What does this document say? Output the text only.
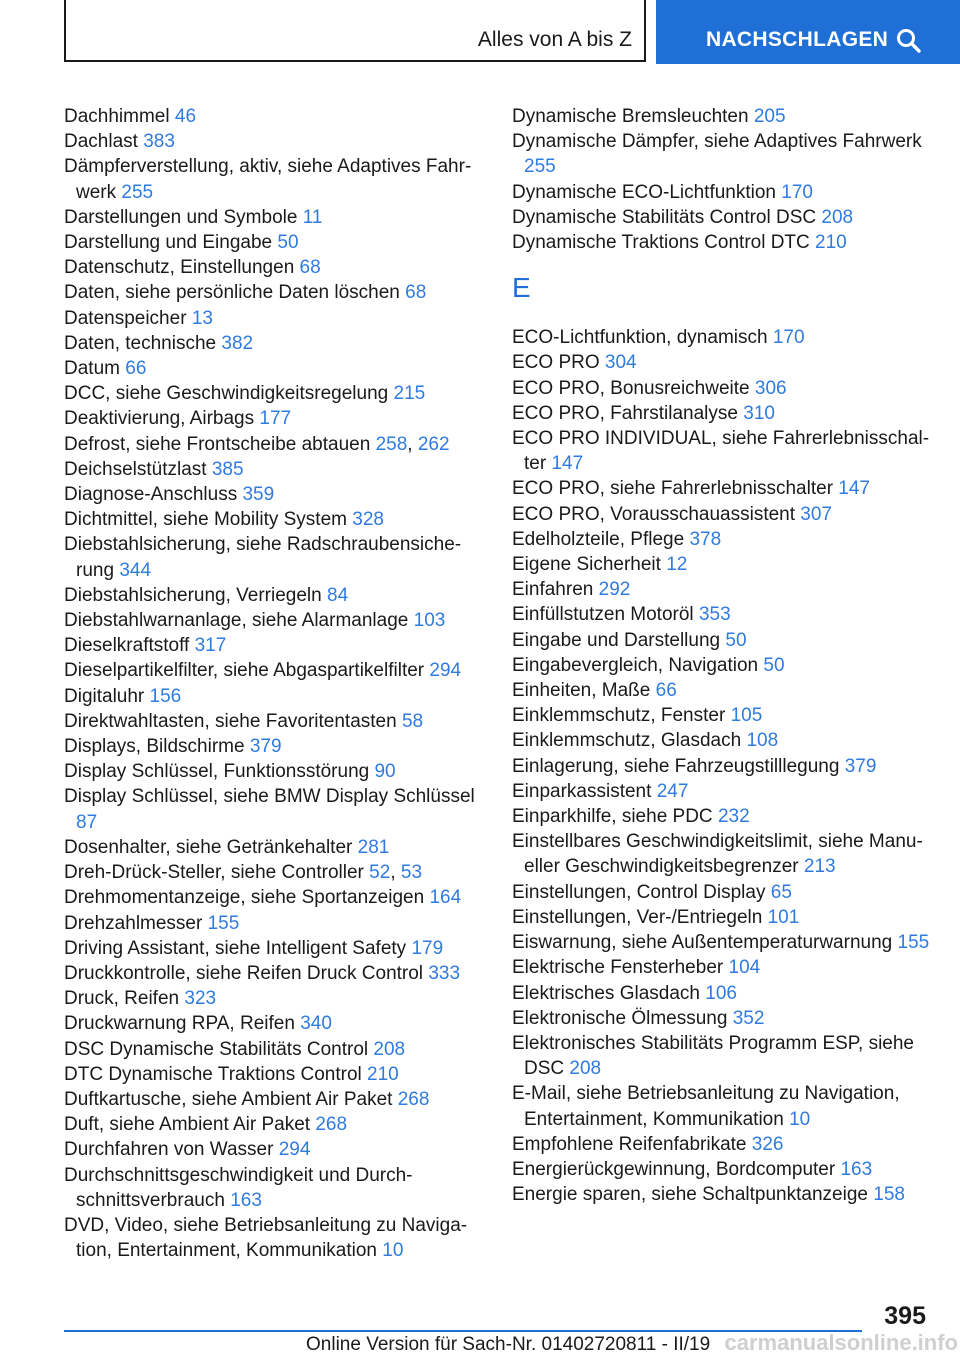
Alles von A bis Z	NACHSCHLAGEN
Dachhimmel 46
Dachlast 383
Dämpferverstellung, aktiv, siehe Adaptives Fahrwerk 255
Darstellungen und Symbole 11
Darstellung und Eingabe 50
Datenschutz, Einstellungen 68
Daten, siehe persönliche Daten löschen 68
Datenspeicher 13
Daten, technische 382
Datum 66
DCC, siehe Geschwindigkeitsregelung 215
Deaktivierung, Airbags 177
Defrost, siehe Frontscheibe abtauen 258, 262
Deichselstützlast 385
Diagnose-Anschluss 359
Dichtmittel, siehe Mobility System 328
Diebstahlsicherung, siehe Radschraubensicherung 344
Diebstahlsicherung, Verriegeln 84
Diebstahlwarnanlage, siehe Alarmanlage 103
Dieselkraftstoff 317
Dieselpartikelfilter, siehe Abgaspartikelfilter 294
Digitaluhr 156
Direktwahltasten, siehe Favoritentasten 58
Displays, Bildschirme 379
Display Schlüssel, Funktionsstörung 90
Display Schlüssel, siehe BMW Display Schlüssel 87
Dosenhalter, siehe Getränkehalter 281
Dreh-Drück-Steller, siehe Controller 52, 53
Drehmomentanzeige, siehe Sportanzeigen 164
Drehzahlmesser 155
Driving Assistant, siehe Intelligent Safety 179
Druckkontrolle, siehe Reifen Druck Control 333
Druck, Reifen 323
Druckwarnung RPA, Reifen 340
DSC Dynamische Stabilitäts Control 208
DTC Dynamische Traktions Control 210
Duftkartusche, siehe Ambient Air Paket 268
Duft, siehe Ambient Air Paket 268
Durchfahren von Wasser 294
Durchschnittsgeschwindigkeit und Durchschnittsverbrauch 163
DVD, Video, siehe Betriebsanleitung zu Navigation, Entertainment, Kommunikation 10
Dynamische Bremsleuchten 205
Dynamische Dämpfer, siehe Adaptives Fahrwerk 255
Dynamische ECO-Lichtfunktion 170
Dynamische Stabilitäts Control DSC 208
Dynamische Traktions Control DTC 210
E
ECO-Lichtfunktion, dynamisch 170
ECO PRO 304
ECO PRO, Bonusreichweite 306
ECO PRO, Fahrstilanalyse 310
ECO PRO INDIVIDUAL, siehe Fahrerlebnisschalter 147
ECO PRO, siehe Fahrerlebnisschalter 147
ECO PRO, Vorausschauassistent 307
Edelholzteile, Pflege 378
Eigene Sicherheit 12
Einfahren 292
Einfüllstutzen Motoröl 353
Eingabe und Darstellung 50
Eingabevergleich, Navigation 50
Einheiten, Maße 66
Einklemmschutz, Fenster 105
Einklemmschutz, Glasdach 108
Einlagerung, siehe Fahrzeugstilllegung 379
Einparkassistent 247
Einparkhilfe, siehe PDC 232
Einstellbares Geschwindigkeitslimit, siehe Manueller Geschwindigkeitsbegrenzer 213
Einstellungen, Control Display 65
Einstellungen, Ver-/Entriegeln 101
Eiswarnung, siehe Außentemperaturwarnung 155
Elektrische Fensterheber 104
Elektrisches Glasdach 106
Elektronische Ölmessung 352
Elektronisches Stabilitäts Programm ESP, siehe DSC 208
E-Mail, siehe Betriebsanleitung zu Navigation, Entertainment, Kommunikation 10
Empfohlene Reifenfabrikate 326
Energierückgewinnung, Bordcomputer 163
Energie sparen, siehe Schaltpunktanzeige 158
395
Online Version für Sach-Nr. 01402720811 - II/19 carmanualsonline.info
